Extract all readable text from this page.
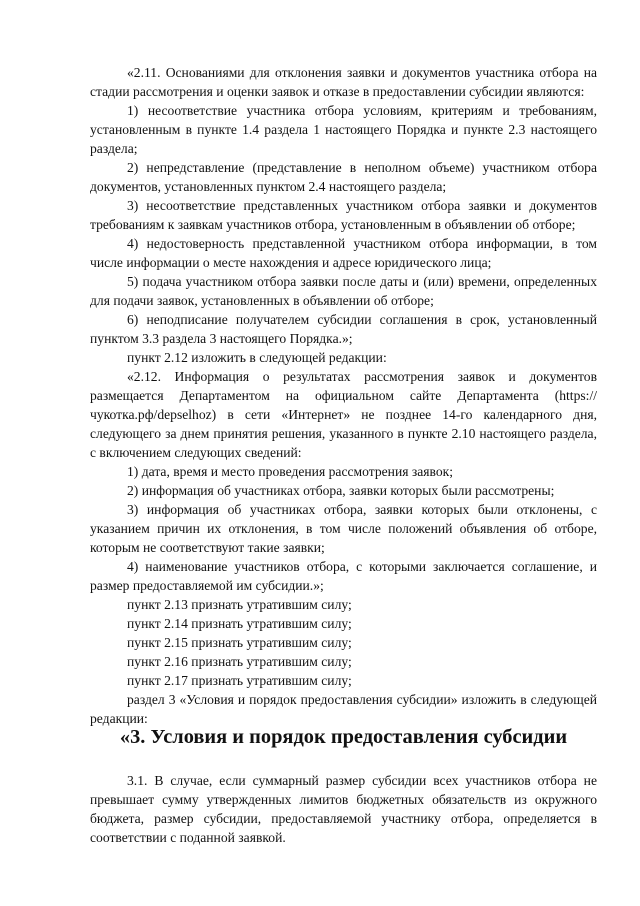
«2.11. Основаниями для отклонения заявки и документов участника отбора на стадии рассмотрения и оценки заявок и отказе в предоставлении субсидии являются:

1) несоответствие участника отбора условиям, критериям и требованиям, установленным в пункте 1.4 раздела 1 настоящего Порядка и пункте 2.3 настоящего раздела;

2) непредставление (представление в неполном объеме) участником отбора документов, установленных пунктом 2.4 настоящего раздела;

3) несоответствие представленных участником отбора заявки и документов требованиям к заявкам участников отбора, установленным в объявлении об отборе;

4) недостоверность представленной участником отбора информации, в том числе информации о месте нахождения и адресе юридического лица;

5) подача участником отбора заявки после даты и (или) времени, определенных для подачи заявок, установленных в объявлении об отборе;

6) неподписание получателем субсидии соглашения в срок, установленный пунктом 3.3 раздела 3 настоящего Порядка.»;

пункт 2.12 изложить в следующей редакции:

«2.12. Информация о результатах рассмотрения заявок и документов размещается Департаментом на официальном сайте Департамента (https://чукотка.рф/depselhoz) в сети «Интернет» не позднее 14-го календарного дня, следующего за днем принятия решения, указанного в пункте 2.10 настоящего раздела, с включением следующих сведений:

1) дата, время и место проведения рассмотрения заявок;

2) информация об участниках отбора, заявки которых были рассмотрены;

3) информация об участниках отбора, заявки которых были отклонены, с указанием причин их отклонения, в том числе положений объявления об отборе, которым не соответствуют такие заявки;

4) наименование участников отбора, с которыми заключается соглашение, и размер предоставляемой им субсидии.»;

пункт 2.13 признать утратившим силу;

пункт 2.14 признать утратившим силу;

пункт 2.15 признать утратившим силу;

пункт 2.16 признать утратившим силу;

пункт 2.17 признать утратившим силу;

раздел 3 «Условия и порядок предоставления субсидии» изложить в следующей редакции:

«3. Условия и порядок предоставления субсидии

3.1. В случае, если суммарный размер субсидии всех участников отбора не превышает сумму утвержденных лимитов бюджетных обязательств из окружного бюджета, размер субсидии, предоставляемой участнику отбора, определяется в соответствии с поданной заявкой.
